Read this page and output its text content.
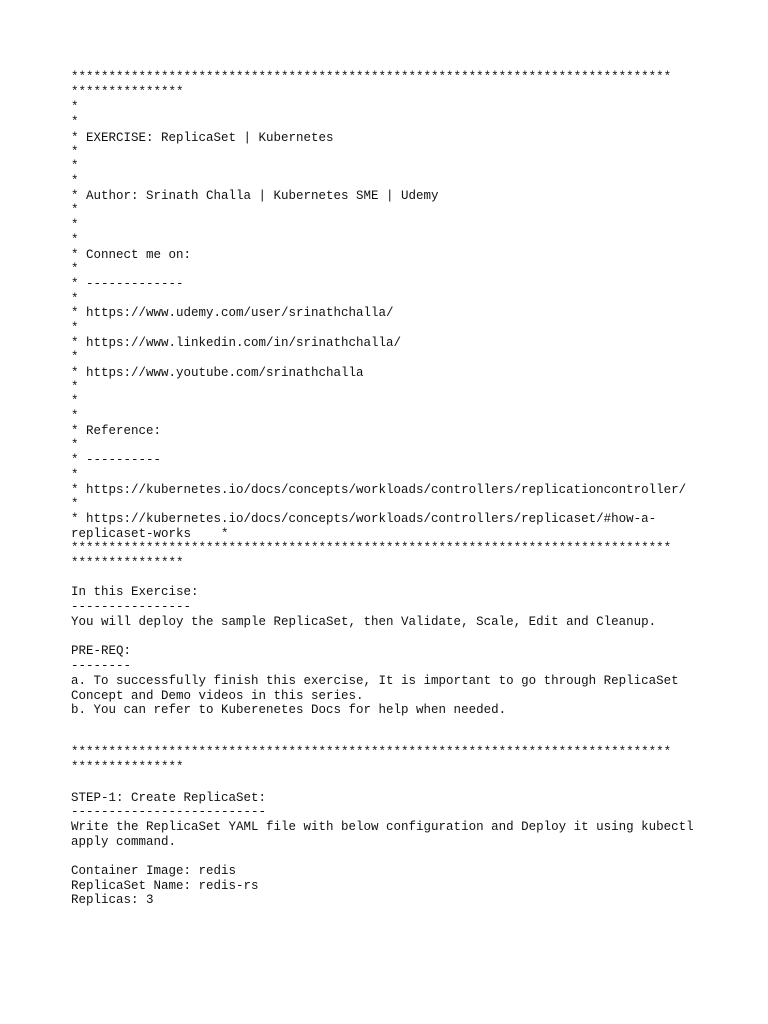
********************************************************************************
***************
*
*
* EXERCISE: ReplicaSet | Kubernetes
*
*
*
* Author: Srinath Challa | Kubernetes SME | Udemy
*
*
*
* Connect me on:
*
* -------------
*
* https://www.udemy.com/user/srinathchalla/
*
* https://www.linkedin.com/in/srinathchalla/
*
* https://www.youtube.com/srinathchalla
*
*
*
* Reference:
*
* ----------
*
* https://kubernetes.io/docs/concepts/workloads/controllers/replicationcontroller/
*
* https://kubernetes.io/docs/concepts/workloads/controllers/replicaset/#how-a-
replicaset-works    *
********************************************************************************
***************
In this Exercise:
----------------
You will deploy the sample ReplicaSet, then Validate, Scale, Edit and Cleanup.
PRE-REQ:
--------
a. To successfully finish this exercise, It is important to go through ReplicaSet
Concept and Demo videos in this series.
b. You can refer to Kuberenetes Docs for help when needed.
********************************************************************************
***************
STEP-1: Create ReplicaSet:
--------------------------
Write the ReplicaSet YAML file with below configuration and Deploy it using kubectl
apply command.
Container Image: redis
ReplicaSet Name: redis-rs
Replicas: 3
